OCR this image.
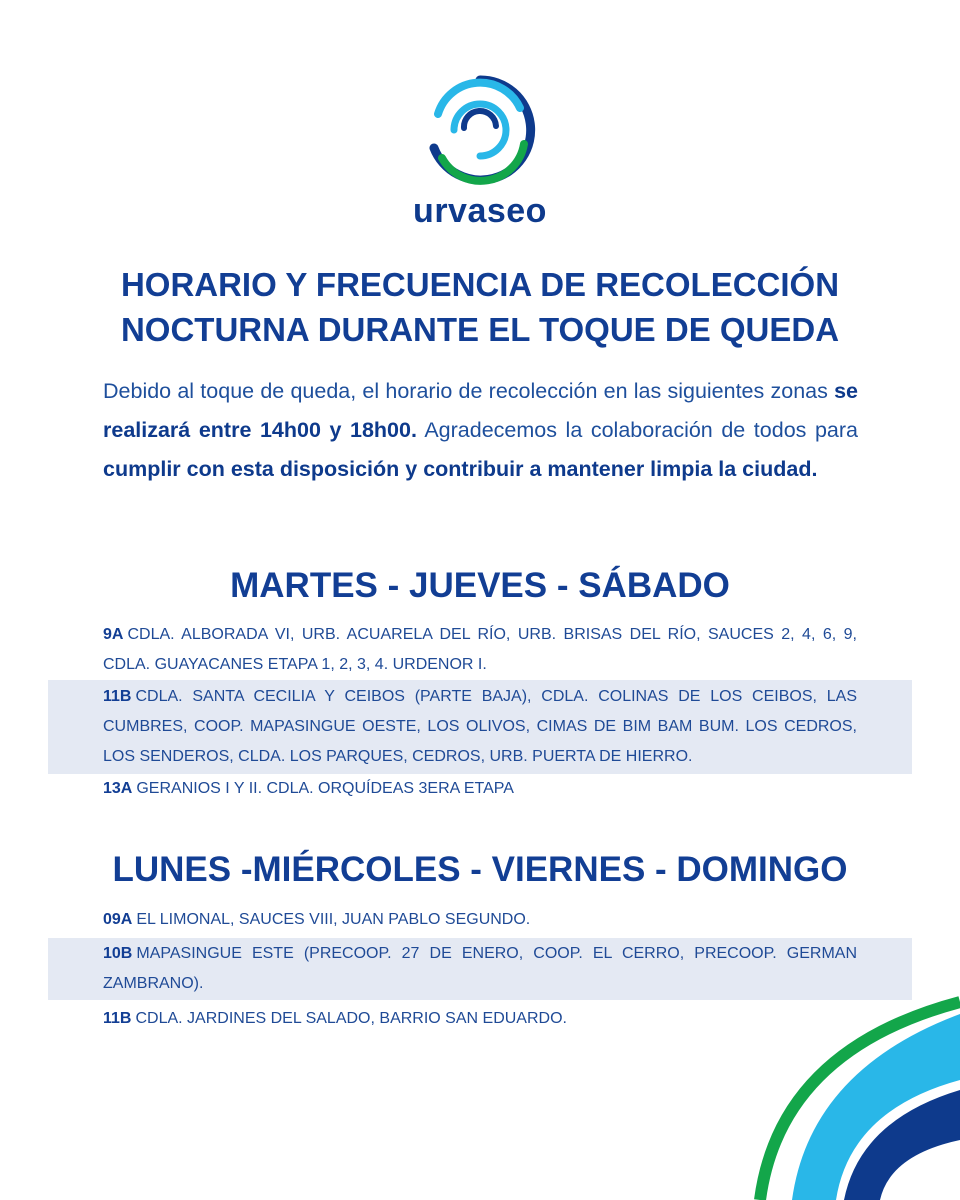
urvaseo
HORARIO Y FRECUENCIA DE RECOLECCIÓN
NOCTURNA DURANTE EL TOQUE DE QUEDA
Debido al toque de queda, el horario de recolección en las siguientes zonas se realizará entre 14h00 y 18h00. Agradecemos la colaboración de todos para cumplir con esta disposición y contribuir a mantener limpia la ciudad.
MARTES - JUEVES - SÁBADO
9A CDLA. ALBORADA VI, URB. ACUARELA DEL RÍO, URB. BRISAS DEL RÍO, SAUCES 2, 4, 6, 9, CDLA. GUAYACANES ETAPA 1, 2, 3, 4. URDENOR I.
11B CDLA. SANTA CECILIA Y CEIBOS (PARTE BAJA), CDLA. COLINAS DE LOS CEIBOS, LAS CUMBRES, COOP. MAPASINGUE OESTE, LOS OLIVOS, CIMAS DE BIM BAM BUM. LOS CEDROS, LOS SENDEROS, CLDA. LOS PARQUES, CEDROS, URB. PUERTA DE HIERRO.
13A GERANIOS I Y II. CDLA. ORQUÍDEAS 3ERA ETAPA
LUNES -MIÉRCOLES - VIERNES - DOMINGO
09A EL LIMONAL, SAUCES VIII, JUAN PABLO SEGUNDO.
10B MAPASINGUE ESTE (PRECOOP. 27 DE ENERO, COOP. EL CERRO, PRECOOP. GERMAN ZAMBRANO).
11B CDLA. JARDINES DEL SALADO, BARRIO SAN EDUARDO.
